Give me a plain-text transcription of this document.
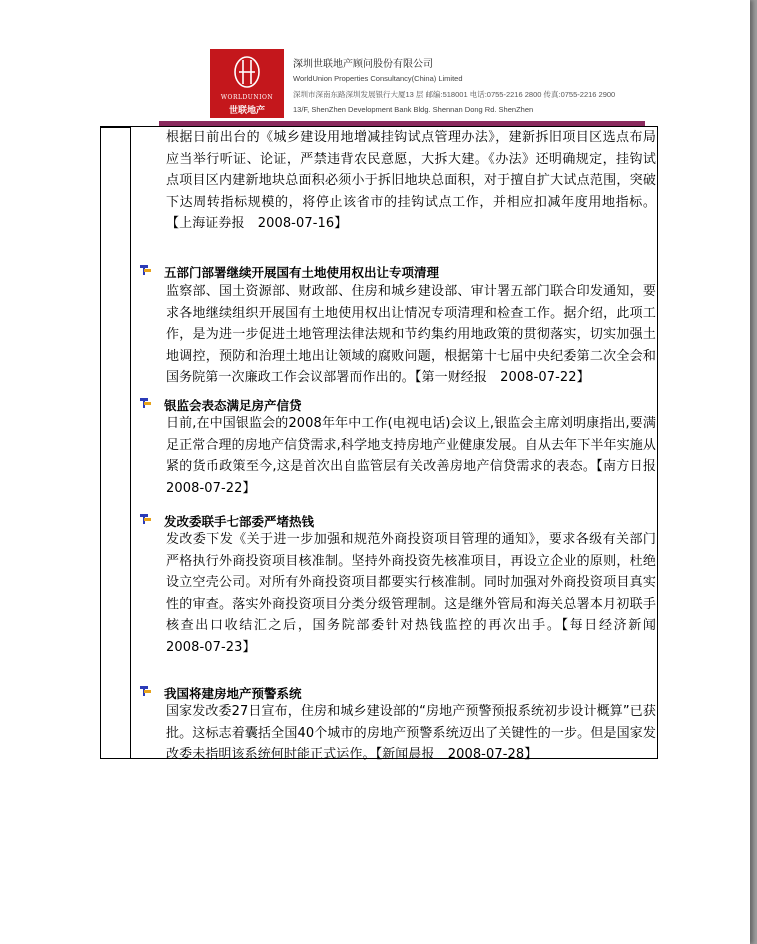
WORLDUNION
世联地产
深圳世联地产顾问股份有限公司
WorldUnion Properties Consultancy(China) Limited
深圳市深南东路深圳发展银行大厦13 层 邮编:518001 电话:0755-2216 2800 传真:0755-2216 2900
13/F, ShenZhen Development Bank Bldg. Shennan Dong Rd. ShenZhen
根据日前出台的《城乡建设用地增减挂钩试点管理办法》，建新拆旧项目区选点布局应当举行听证、论证，严禁违背农民意愿，大拆大建。《办法》还明确规定，挂钩试点项目区内建新地块总面积必须小于拆旧地块总面积，对于擅自扩大试点范围，突破下达周转指标规模的，将停止该省市的挂钩试点工作，并相应扣减年度用地指标。【上海证券报　2008-07-16】
五部门部署继续开展国有土地使用权出让专项清理
监察部、国土资源部、财政部、住房和城乡建设部、审计署五部门联合印发通知，要求各地继续组织开展国有土地使用权出让情况专项清理和检查工作。据介绍，此项工作，是为进一步促进土地管理法律法规和节约集约用地政策的贯彻落实，切实加强土地调控，预防和治理土地出让领域的腐败问题，根据第十七届中央纪委第二次全会和国务院第一次廉政工作会议部署而作出的。【第一财经报　2008-07-22】
银监会表态满足房产信贷
日前,在中国银监会的2008年年中工作(电视电话)会议上,银监会主席刘明康指出,要满足正常合理的房地产信贷需求,科学地支持房地产业健康发展。自从去年下半年实施从紧的货币政策至今,这是首次出自监管层有关改善房地产信贷需求的表态。【南方日报　2008-07-22】
发改委联手七部委严堵热钱
发改委下发《关于进一步加强和规范外商投资项目管理的通知》，要求各级有关部门严格执行外商投资项目核准制。坚持外商投资先核准项目，再设立企业的原则，杜绝设立空壳公司。对所有外商投资项目都要实行核准制。同时加强对外商投资项目真实性的审查。落实外商投资项目分类分级管理制。这是继外管局和海关总署本月初联手核查出口收结汇之后，国务院部委针对热钱监控的再次出手。【每日经济新闻　2008-07-23】
我国将建房地产预警系统
国家发改委27日宣布，住房和城乡建设部的“房地产预警预报系统初步设计概算”已获批。这标志着囊括全国40个城市的房地产预警系统迈出了关键性的一步。但是国家发改委未指明该系统何时能正式运作。【新闻晨报　2008-07-28】
